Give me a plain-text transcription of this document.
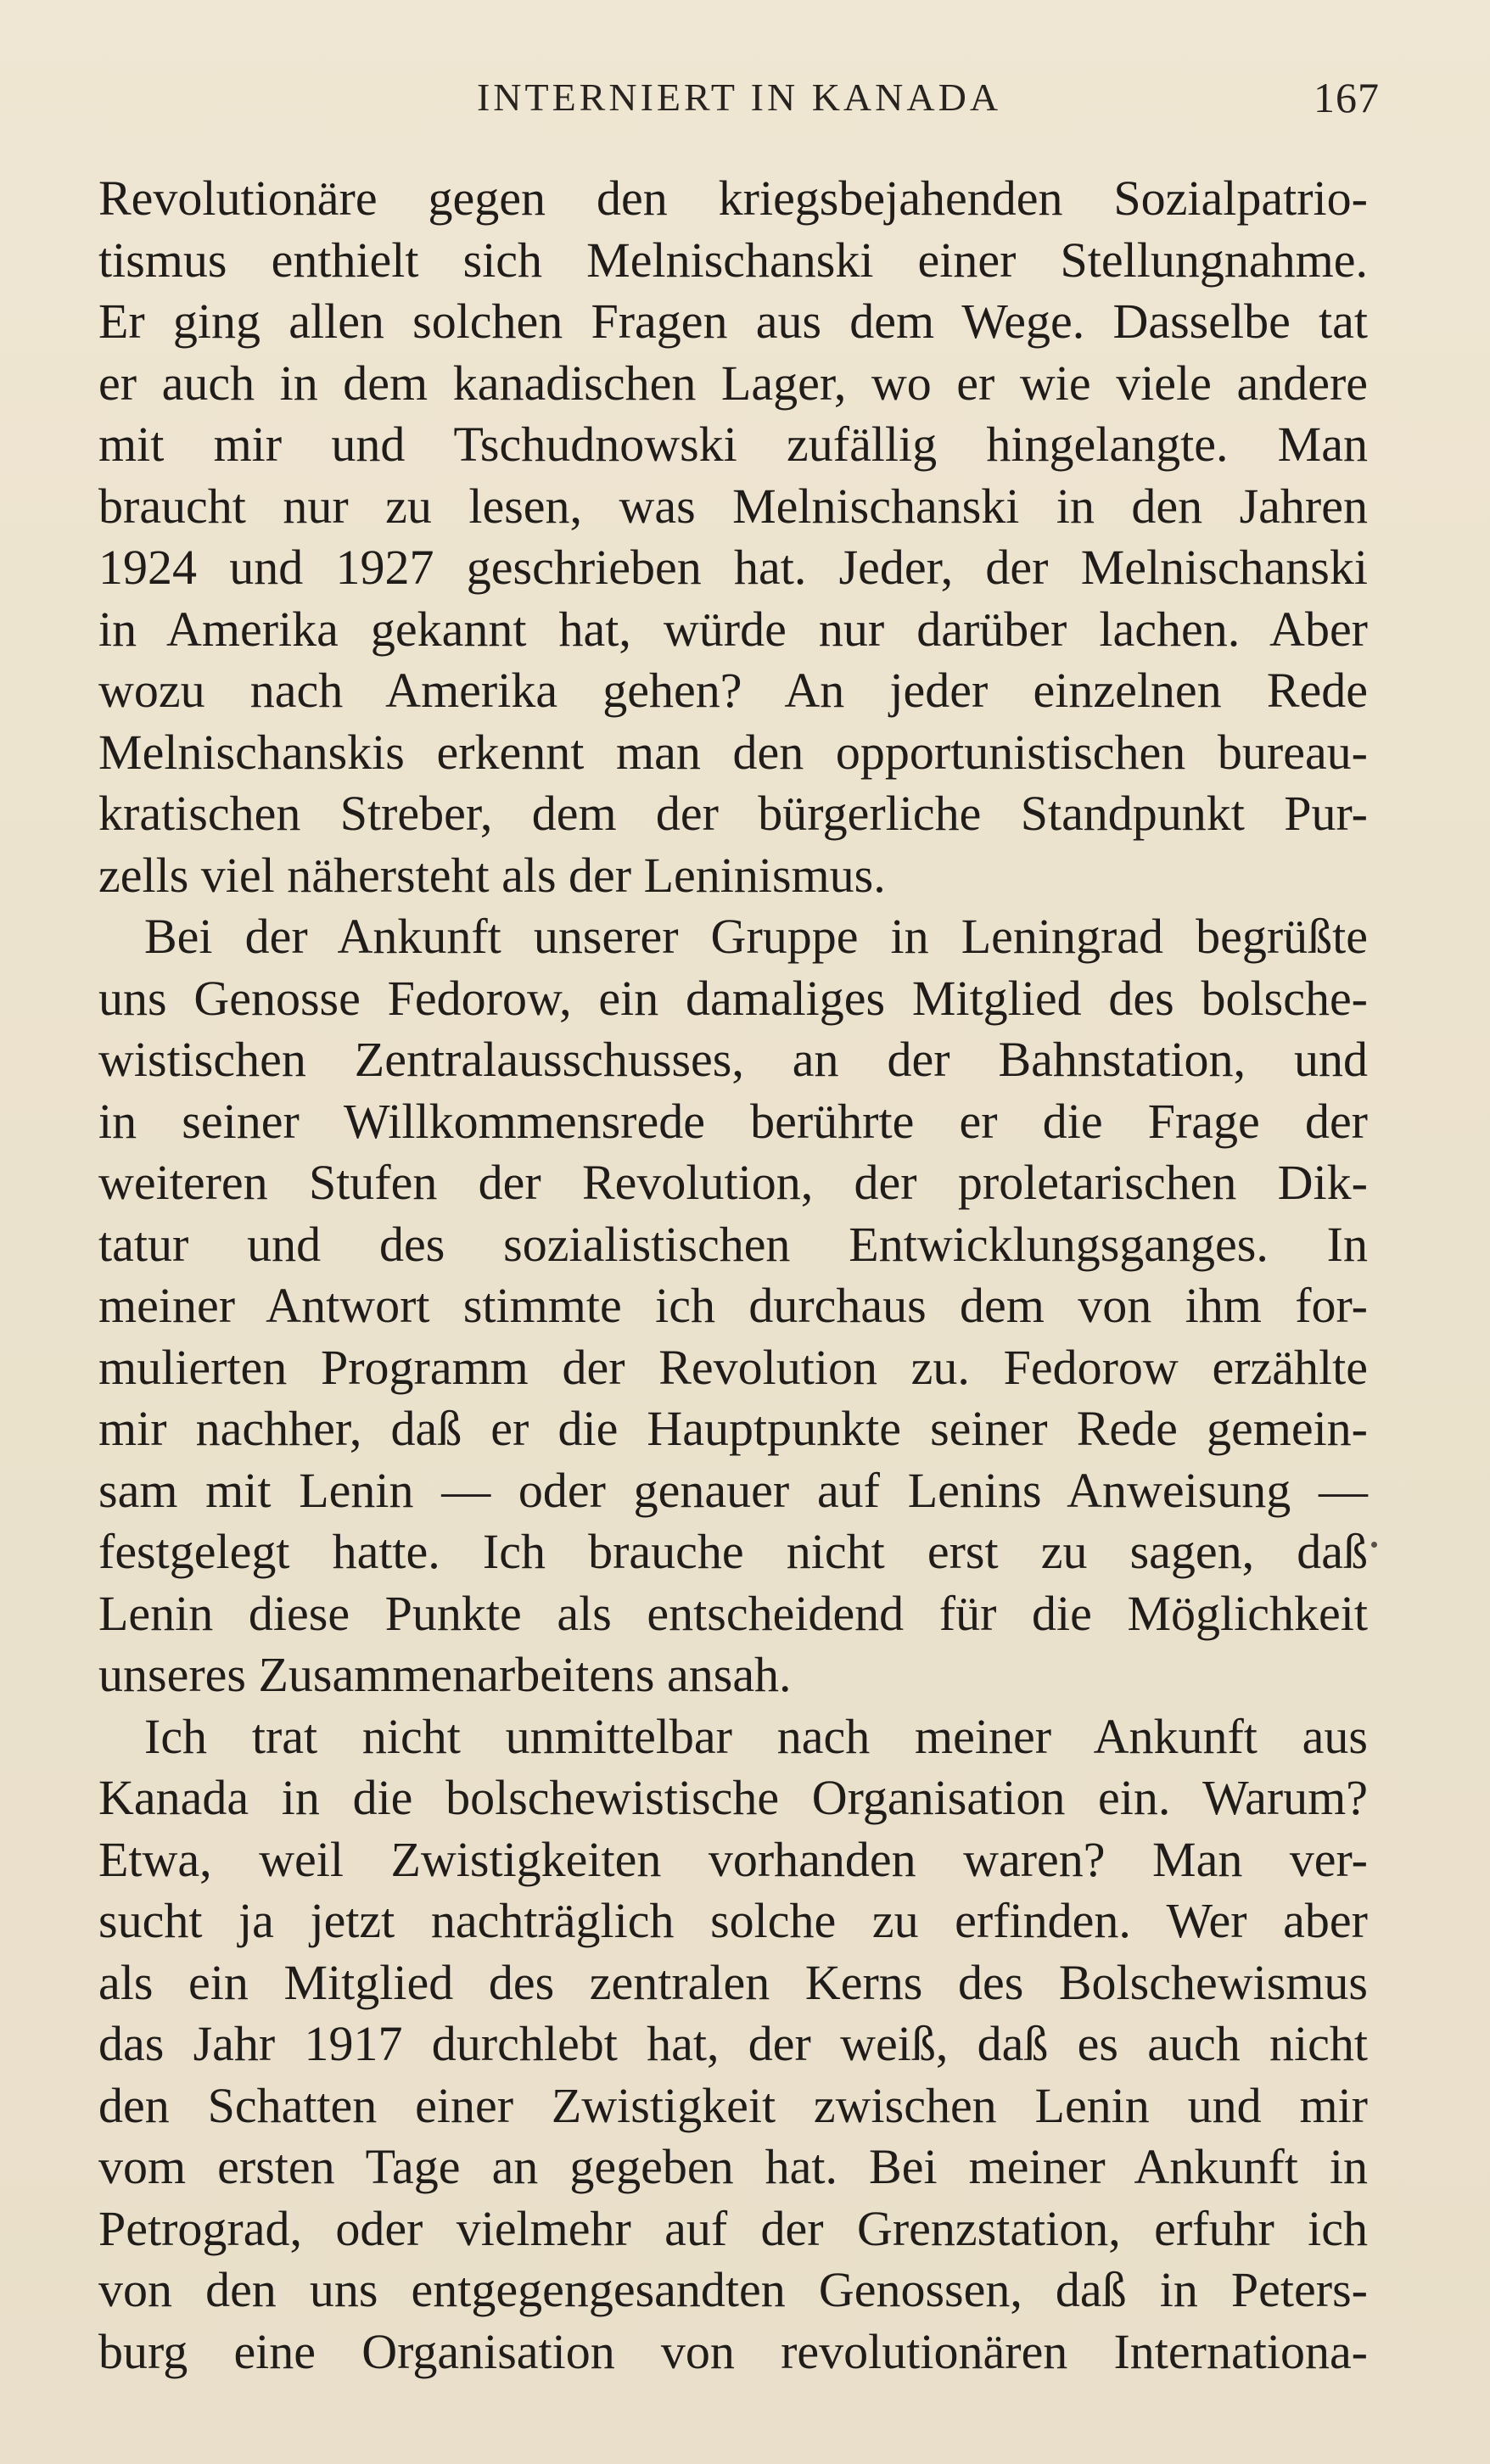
INTERNIERT IN KANADA	167
Revolutionäre gegen den kriegsbejahenden Sozialpatrio-
tismus enthielt sich Melnischanski einer Stellungnahme.
Er ging allen solchen Fragen aus dem Wege. Dasselbe tat
er auch in dem kanadischen Lager, wo er wie viele andere
mit mir und Tschudnowski zufällig hingelangte. Man
braucht nur zu lesen, was Melnischanski in den Jahren
1924 und 1927 geschrieben hat. Jeder, der Melnischanski
in Amerika gekannt hat, würde nur darüber lachen. Aber
wozu nach Amerika gehen? An jeder einzelnen Rede
Melnischanskis erkennt man den opportunistischen bureau-
kratischen Streber, dem der bürgerliche Standpunkt Pur-
zells viel nähersteht als der Leninismus.
Bei der Ankunft unserer Gruppe in Leningrad begrüßte
uns Genosse Fedorow, ein damaliges Mitglied des bolsche-
wistischen Zentralausschusses, an der Bahnstation, und
in seiner Willkommensrede berührte er die Frage der
weiteren Stufen der Revolution, der proletarischen Dik-
tatur und des sozialistischen Entwicklungsganges. In
meiner Antwort stimmte ich durchaus dem von ihm for-
mulierten Programm der Revolution zu. Fedorow erzählte
mir nachher, daß er die Hauptpunkte seiner Rede gemein-
sam mit Lenin — oder genauer auf Lenins Anweisung —
festgelegt hatte. Ich brauche nicht erst zu sagen, daß
Lenin diese Punkte als entscheidend für die Möglichkeit
unseres Zusammenarbeitens ansah.
Ich trat nicht unmittelbar nach meiner Ankunft aus
Kanada in die bolschewistische Organisation ein. Warum?
Etwa, weil Zwistigkeiten vorhanden waren? Man ver-
sucht ja jetzt nachträglich solche zu erfinden. Wer aber
als ein Mitglied des zentralen Kerns des Bolschewismus
das Jahr 1917 durchlebt hat, der weiß, daß es auch nicht
den Schatten einer Zwistigkeit zwischen Lenin und mir
vom ersten Tage an gegeben hat. Bei meiner Ankunft in
Petrograd, oder vielmehr auf der Grenzstation, erfuhr ich
von den uns entgegengesandten Genossen, daß in Peters-
burg eine Organisation von revolutionären Internationa-
